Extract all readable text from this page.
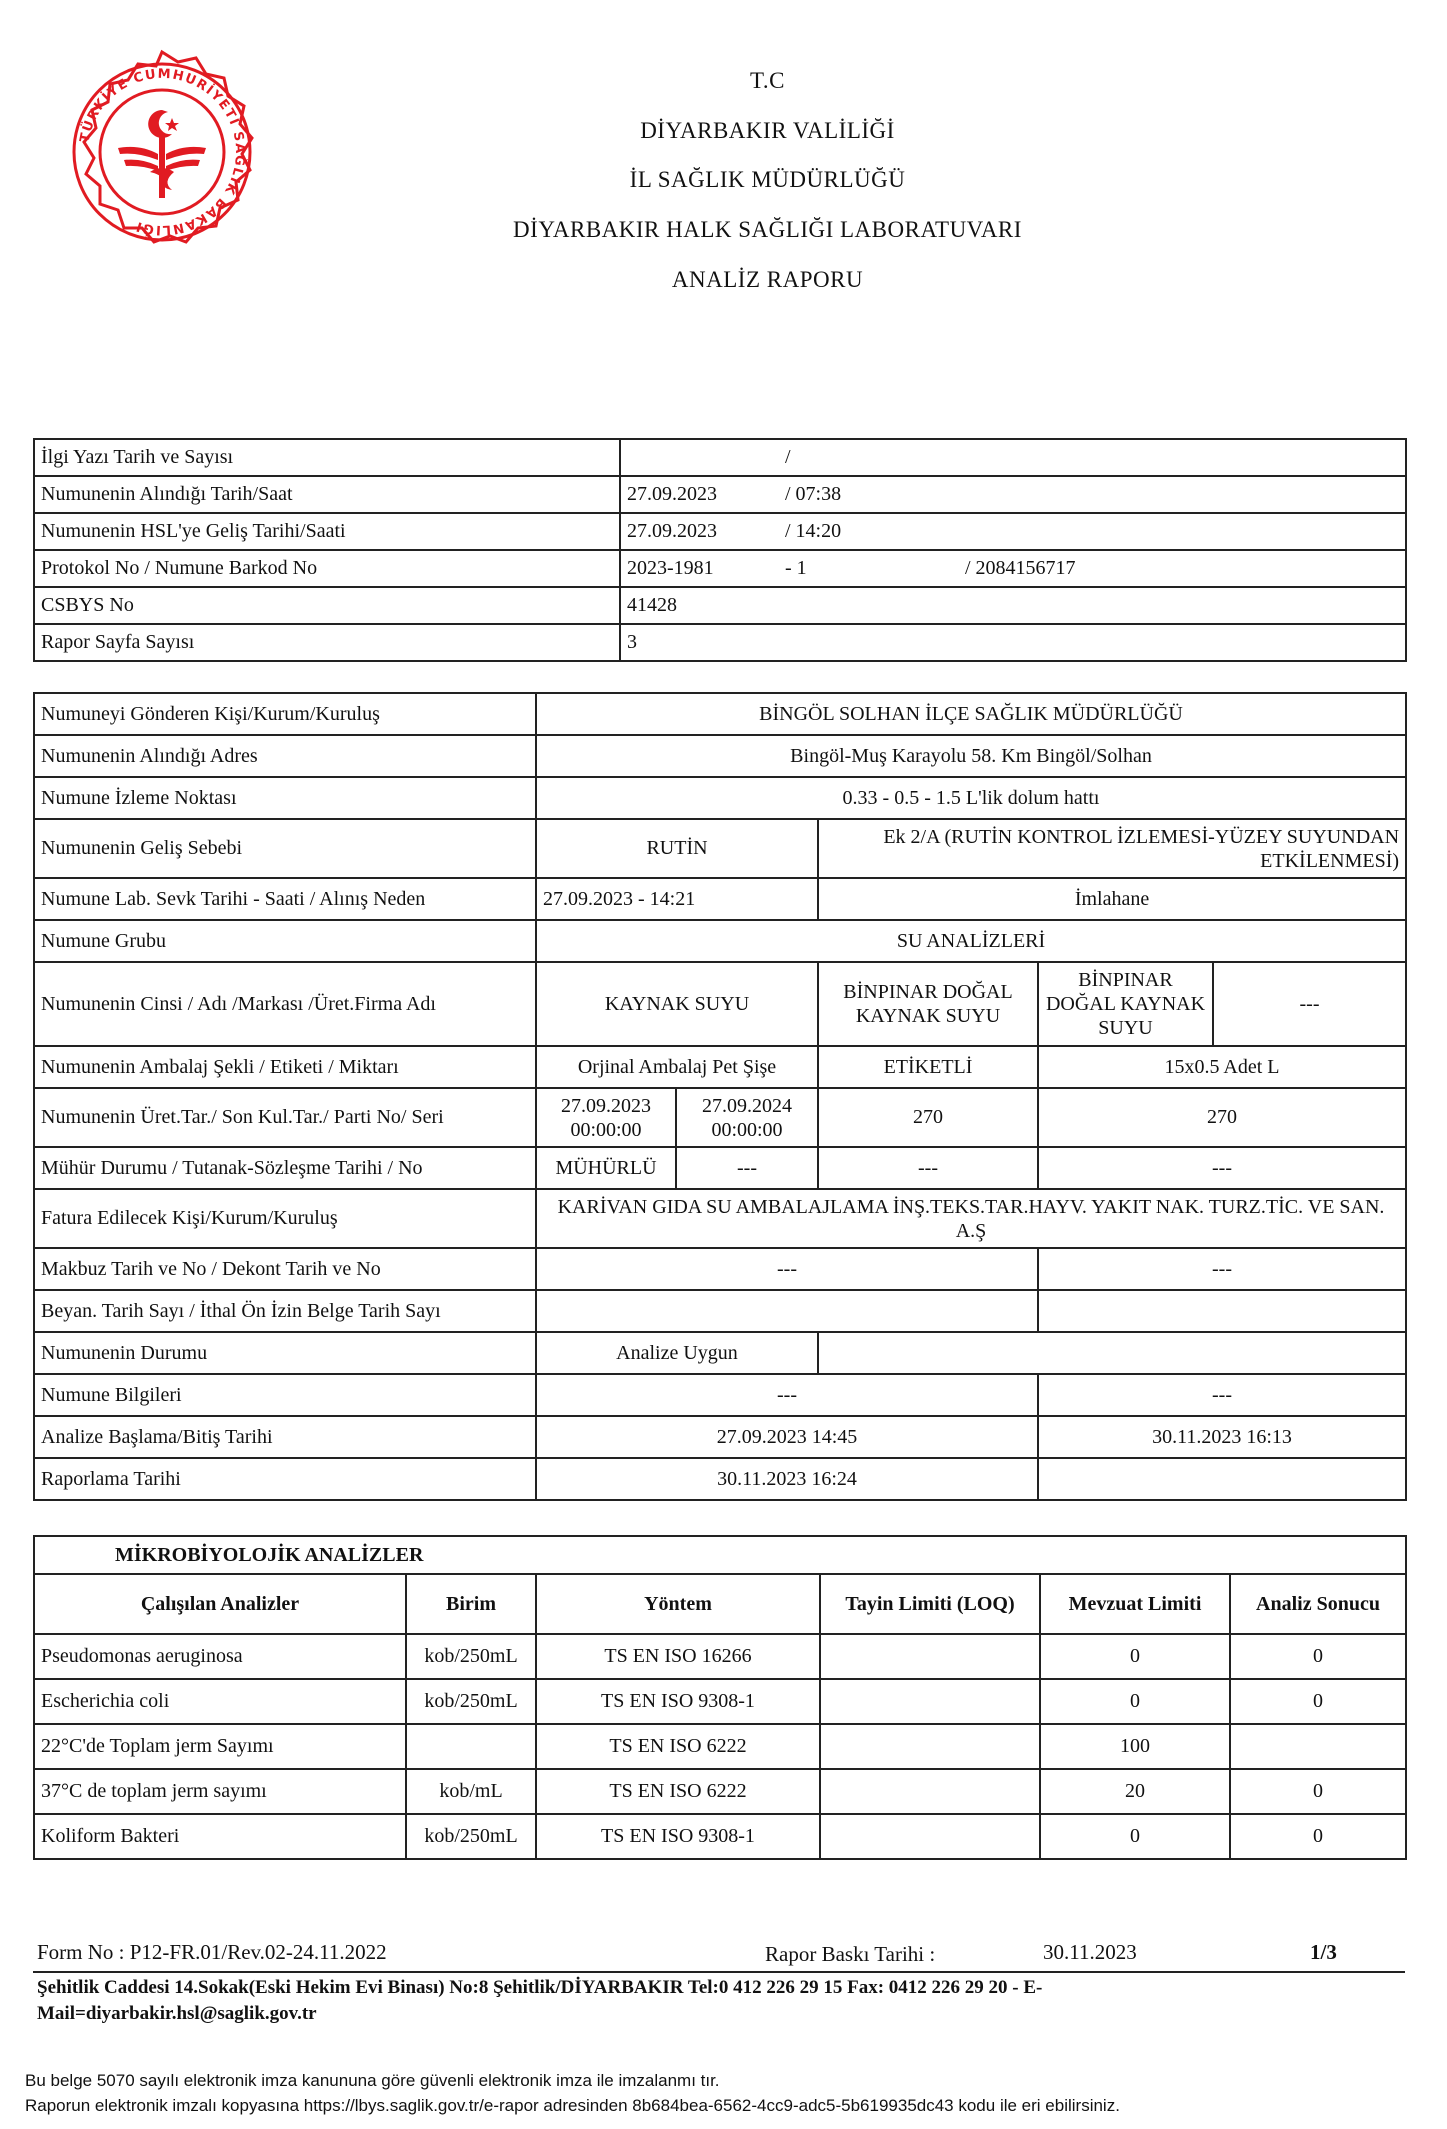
TÜRKİYE CUMHURİYETİ SAĞLIK BAKANLIĞI
T.C
DİYARBAKIR VALİLİĞİ
İL SAĞLIK MÜDÜRLÜĞÜ
DİYARBAKIR HALK SAĞLIĞI LABORATUVARI
ANALİZ RAPORU
İlgi Yazı Tarih ve Sayısı	/
Numunenin Alındığı Tarih/Saat	27.09.2023 / 07:38
Numunenin HSL'ye Geliş Tarihi/Saati	27.09.2023 / 14:20
Protokol No / Numune Barkod No	2023-1981 - 1 / 2084156717
CSBYS No	41428
Rapor Sayfa Sayısı	3
Numuneyi Gönderen Kişi/Kurum/Kuruluş	BİNGÖL SOLHAN İLÇE SAĞLIK MÜDÜRLÜĞÜ				
Numunenin Alındığı Adres	Bingöl-Muş Karayolu 58. Km Bingöl/Solhan				
Numune İzleme Noktası	0.33 - 0.5 - 1.5 L'lik dolum hattı				
Numunenin Geliş Sebebi	RUTİN		Ek 2/A (RUTİN KONTROL İZLEMESİ-YÜZEY SUYUNDAN ETKİLENMESİ)		
Numune Lab. Sevk Tarihi - Saati / Alınış Neden	27.09.2023 - 14:21		İmlahane		
Numune Grubu	SU ANALİZLERİ				
Numunenin Cinsi / Adı /Markası /Üret.Firma Adı	KAYNAK SUYU		BİNPINAR DOĞAL KAYNAK SUYU	BİNPINAR DOĞAL KAYNAK SUYU	---
Numunenin Ambalaj Şekli / Etiketi / Miktarı	Orjinal Ambalaj Pet Şişe		ETİKETLİ	15x0.5 Adet L	
Numunenin Üret.Tar./ Son Kul.Tar./ Parti No/ Seri	27.09.2023 00:00:00	27.09.2024 00:00:00	270	270	
Mühür Durumu / Tutanak-Sözleşme Tarihi / No	MÜHÜRLÜ	---	---	---	
Fatura Edilecek Kişi/Kurum/Kuruluş	KARİVAN GIDA SU AMBALAJLAMA İNŞ.TEKS.TAR.HAYV. YAKIT NAK. TURZ.TİC. VE SAN. A.Ş				
Makbuz Tarih ve No / Dekont Tarih ve No	---			---	
Beyan. Tarih Sayı / İthal Ön İzin Belge Tarih Sayı					
Numunenin Durumu	Analize Uygun				
Numune Bilgileri	---			---	
Analize Başlama/Bitiş Tarihi	27.09.2023 14:45			30.11.2023 16:13	
Raporlama Tarihi	30.11.2023 16:24				
MİKROBİYOLOJİK ANALİZLER					
Çalışılan Analizler	Birim	Yöntem	Tayin Limiti (LOQ)	Mevzuat Limiti	Analiz Sonucu
Pseudomonas aeruginosa	kob/250mL	TS EN ISO 16266		0	0
Escherichia coli	kob/250mL	TS EN ISO 9308-1		0	0
22°C'de Toplam jerm Sayımı		TS EN ISO 6222		100	
37°C de toplam jerm sayımı	kob/mL	TS EN ISO 6222		20	0
Koliform Bakteri	kob/250mL	TS EN ISO 9308-1		0	0
Form No : P12-FR.01/Rev.02-24.11.2022	Rapor Baskı Tarihi :	30.11.2023	1/3
Şehitlik Caddesi 14.Sokak(Eski Hekim Evi Binası) No:8 Şehitlik/DİYARBAKIR Tel:0 412 226 29 15 Fax: 0412 226 29 20 - E-Mail=diyarbakir.hsl@saglik.gov.tr
Bu belge 5070 sayılı elektronik imza kanununa göre güvenli elektronik imza ile imzalanmı tır.
Raporun elektronik imzalı kopyasına https://lbys.saglik.gov.tr/e-rapor adresinden 8b684bea-6562-4cc9-adc5-5b619935dc43 kodu ile eri ebilirsiniz.
